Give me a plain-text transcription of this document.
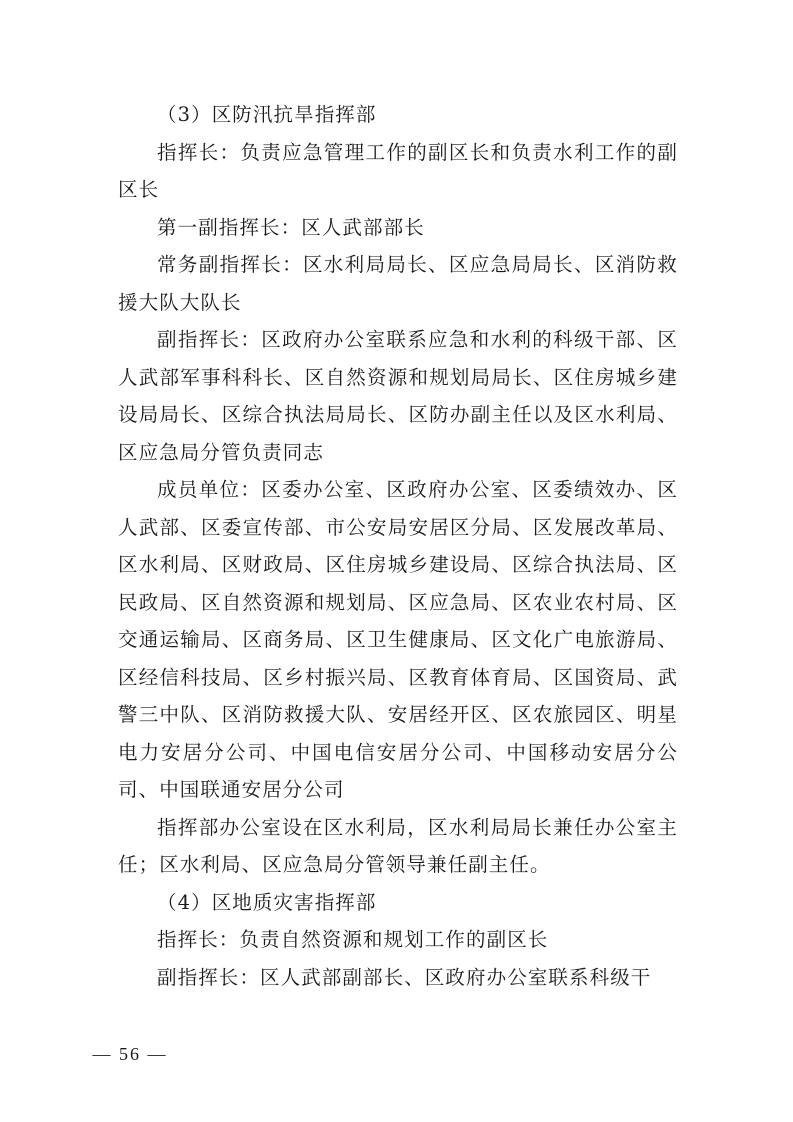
（3）区防汛抗旱指挥部

指挥长：负责应急管理工作的副区长和负责水利工作的副区长

第一副指挥长：区人武部部长

常务副指挥长：区水利局局长、区应急局局长、区消防救援大队大队长

副指挥长：区政府办公室联系应急和水利的科级干部、区人武部军事科科长、区自然资源和规划局局长、区住房城乡建设局局长、区综合执法局局长、区防办副主任以及区水利局、区应急局分管负责同志

成员单位：区委办公室、区政府办公室、区委绩效办、区人武部、区委宣传部、市公安局安居区分局、区发展改革局、区水利局、区财政局、区住房城乡建设局、区综合执法局、区民政局、区自然资源和规划局、区应急局、区农业农村局、区交通运输局、区商务局、区卫生健康局、区文化广电旅游局、区经信科技局、区乡村振兴局、区教育体育局、区国资局、武警三中队、区消防救援大队、安居经开区、区农旅园区、明星电力安居分公司、中国电信安居分公司、中国移动安居分公司、中国联通安居分公司

指挥部办公室设在区水利局，区水利局局长兼任办公室主任；区水利局、区应急局分管领导兼任副主任。

（4）区地质灾害指挥部

指挥长：负责自然资源和规划工作的副区长

副指挥长：区人武部副部长、区政府办公室联系科级干

— 56 —
